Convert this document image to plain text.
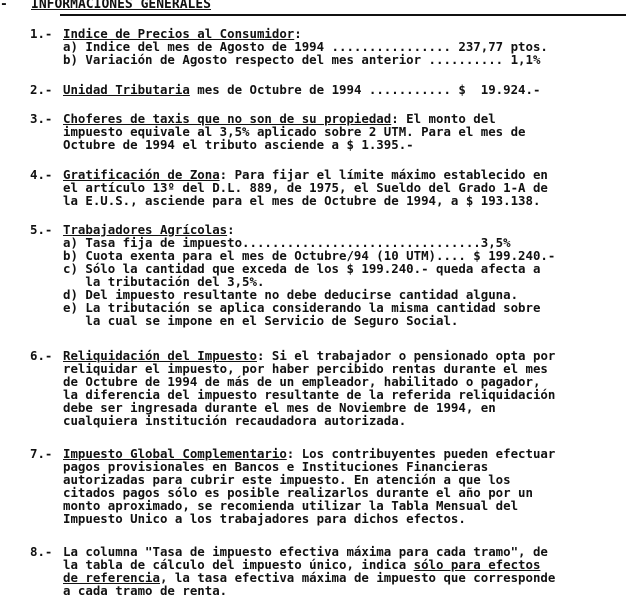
- INFORMACIONES GENERALES
1.- Indice de Precios al Consumidor:
a) Indice del mes de Agosto de 1994 ................ 237,77 ptos.
b) Variación de Agosto respecto del mes anterior .......... 1,1%
2.- Unidad Tributaria mes de Octubre de 1994 ........... $  19.924.-
3.- Choferes de taxis que no son de su propiedad: El monto del
impuesto equivale al 3,5% aplicado sobre 2 UTM. Para el mes de
Octubre de 1994 el tributo asciende a $ 1.395.-
4.- Gratificación de Zona: Para fijar el límite máximo establecido en
el artículo 13º del D.L. 889, de 1975, el Sueldo del Grado 1-A de
la E.U.S., asciende para el mes de Octubre de 1994, a $ 193.138.
5.- Trabajadores Agrícolas:
a) Tasa fija de impuesto................................3,5%
b) Cuota exenta para el mes de Octubre/94 (10 UTM).... $ 199.240.-
c) Sólo la cantidad que exceda de los $ 199.240.- queda afecta a
la tributación del 3,5%.
d) Del impuesto resultante no debe deducirse cantidad alguna.
e) La tributación se aplica considerando la misma cantidad sobre
la cual se impone en el Servicio de Seguro Social.
6.- Reliquidación del Impuesto: Si el trabajador o pensionado opta por
reliquidar el impuesto, por haber percibido rentas durante el mes
de Octubre de 1994 de más de un empleador, habilitado o pagador,
la diferencia del impuesto resultante de la referida reliquidación
debe ser ingresada durante el mes de Noviembre de 1994, en
cualquiera institución recaudadora autorizada.
7.- Impuesto Global Complementario: Los contribuyentes pueden efectuar
pagos provisionales en Bancos e Instituciones Financieras
autorizadas para cubrir este impuesto. En atención a que los
citados pagos sólo es posible realizarlos durante el año por un
monto aproximado, se recomienda utilizar la Tabla Mensual del
Impuesto Unico a los trabajadores para dichos efectos.
8.- La columna "Tasa de impuesto efectiva máxima para cada tramo", de
la tabla de cálculo del impuesto único, indica sólo para efectos
de referencia, la tasa efectiva máxima de impuesto que corresponde
a cada tramo de renta.
